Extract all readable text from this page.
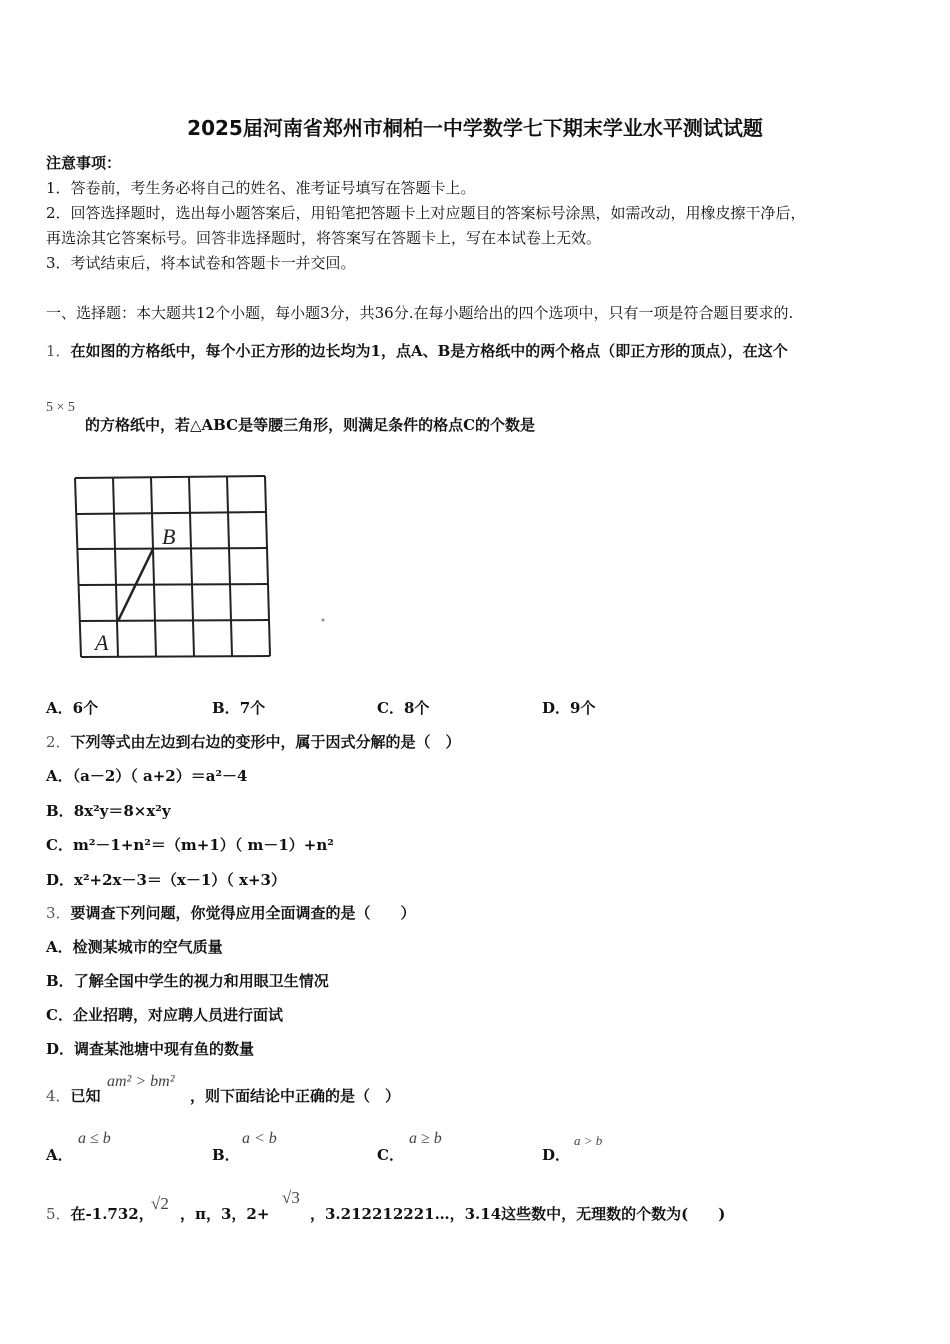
2025届河南省郑州市桐柏一中学数学七下期末学业水平测试试题
注意事项：
1．答卷前，考生务必将自己的姓名、准考证号填写在答题卡上。
2．回答选择题时，选出每小题答案后，用铅笔把答题卡上对应题目的答案标号涂黑，如需改动，用橡皮擦干净后，
再选涂其它答案标号。回答非选择题时，将答案写在答题卡上，写在本试卷上无效。
3．考试结束后，将本试卷和答题卡一并交回。
一、选择题：本大题共12个小题，每小题3分，共36分.在每小题给出的四个选项中，只有一项是符合题目要求的.
1．在如图的方格纸中，每个小正方形的边长均为1，点A、B是方格纸中的两个格点（即正方形的顶点），在这个
5 × 5
的方格纸中，若△ABC是等腰三角形，则满足条件的格点C的个数是
B
A
A．6个	B．7个	C．8个	D．9个
2．下列等式由左边到右边的变形中，属于因式分解的是（　）
A．（a－2）（ a+2）＝a²－4
B．8x²y＝8×x²y
C．m²－1+n²＝（m+1）（ m－1）+n²
D．x²+2x－3＝（x－1）（ x+3）
3．要调查下列问题，你觉得应用全面调查的是（　　）
A．检测某城市的空气质量
B．了解全国中学生的视力和用眼卫生情况
C．企业招聘，对应聘人员进行面试
D．调查某池塘中现有鱼的数量
4．已知
am² > bm²
，则下面结论中正确的是（　）
A．
a ≤ b
B．
a < b
C．
a ≥ b
D．
a > b
5．在-1.732，
√2
，π，3，2+
√3
，3.212212221…，3.14这些数中，无理数的个数为(　　)
